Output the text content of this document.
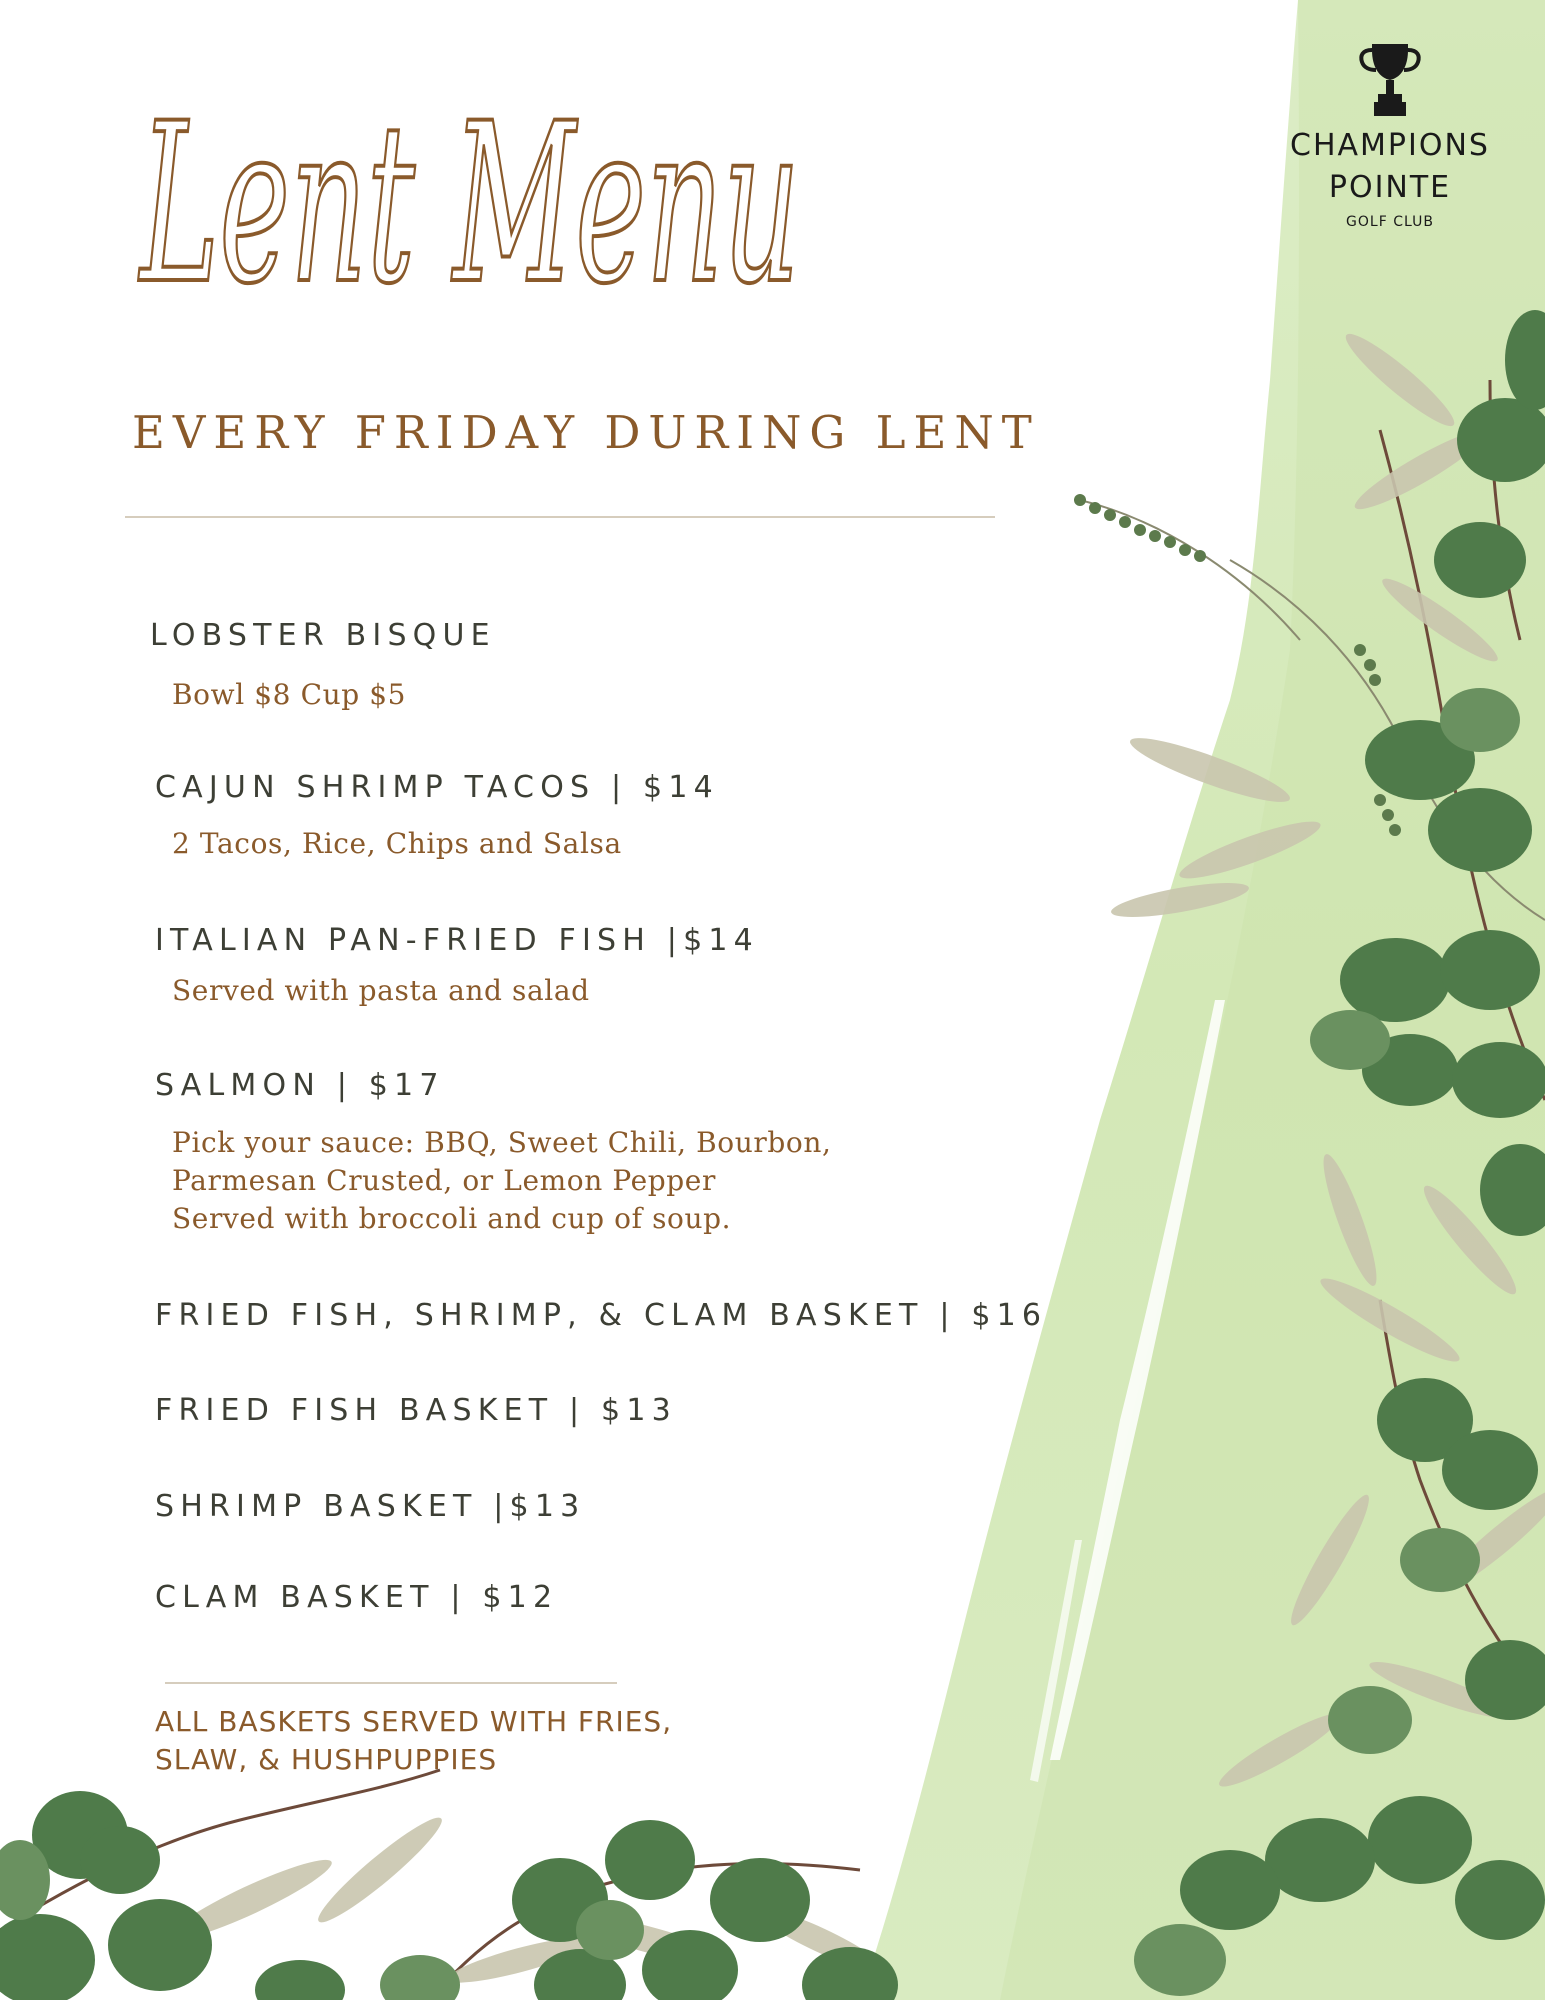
Lent Menu
EVERY FRIDAY DURING LENT
CHAMPIONS
POINTE
GOLF CLUB
LOBSTER BISQUE
Bowl $8 Cup $5
CAJUN SHRIMP TACOS | $14
2 Tacos, Rice, Chips and Salsa
ITALIAN PAN-FRIED FISH |$14
Served with pasta and salad
SALMON | $17
Pick your sauce: BBQ, Sweet Chili, Bourbon,
Parmesan Crusted, or Lemon Pepper
Served with broccoli and cup of soup.
FRIED FISH, SHRIMP, & CLAM BASKET | $16
FRIED FISH BASKET | $13
SHRIMP BASKET |$13
CLAM BASKET | $12
ALL BASKETS SERVED WITH FRIES,
SLAW, & HUSHPUPPIES
